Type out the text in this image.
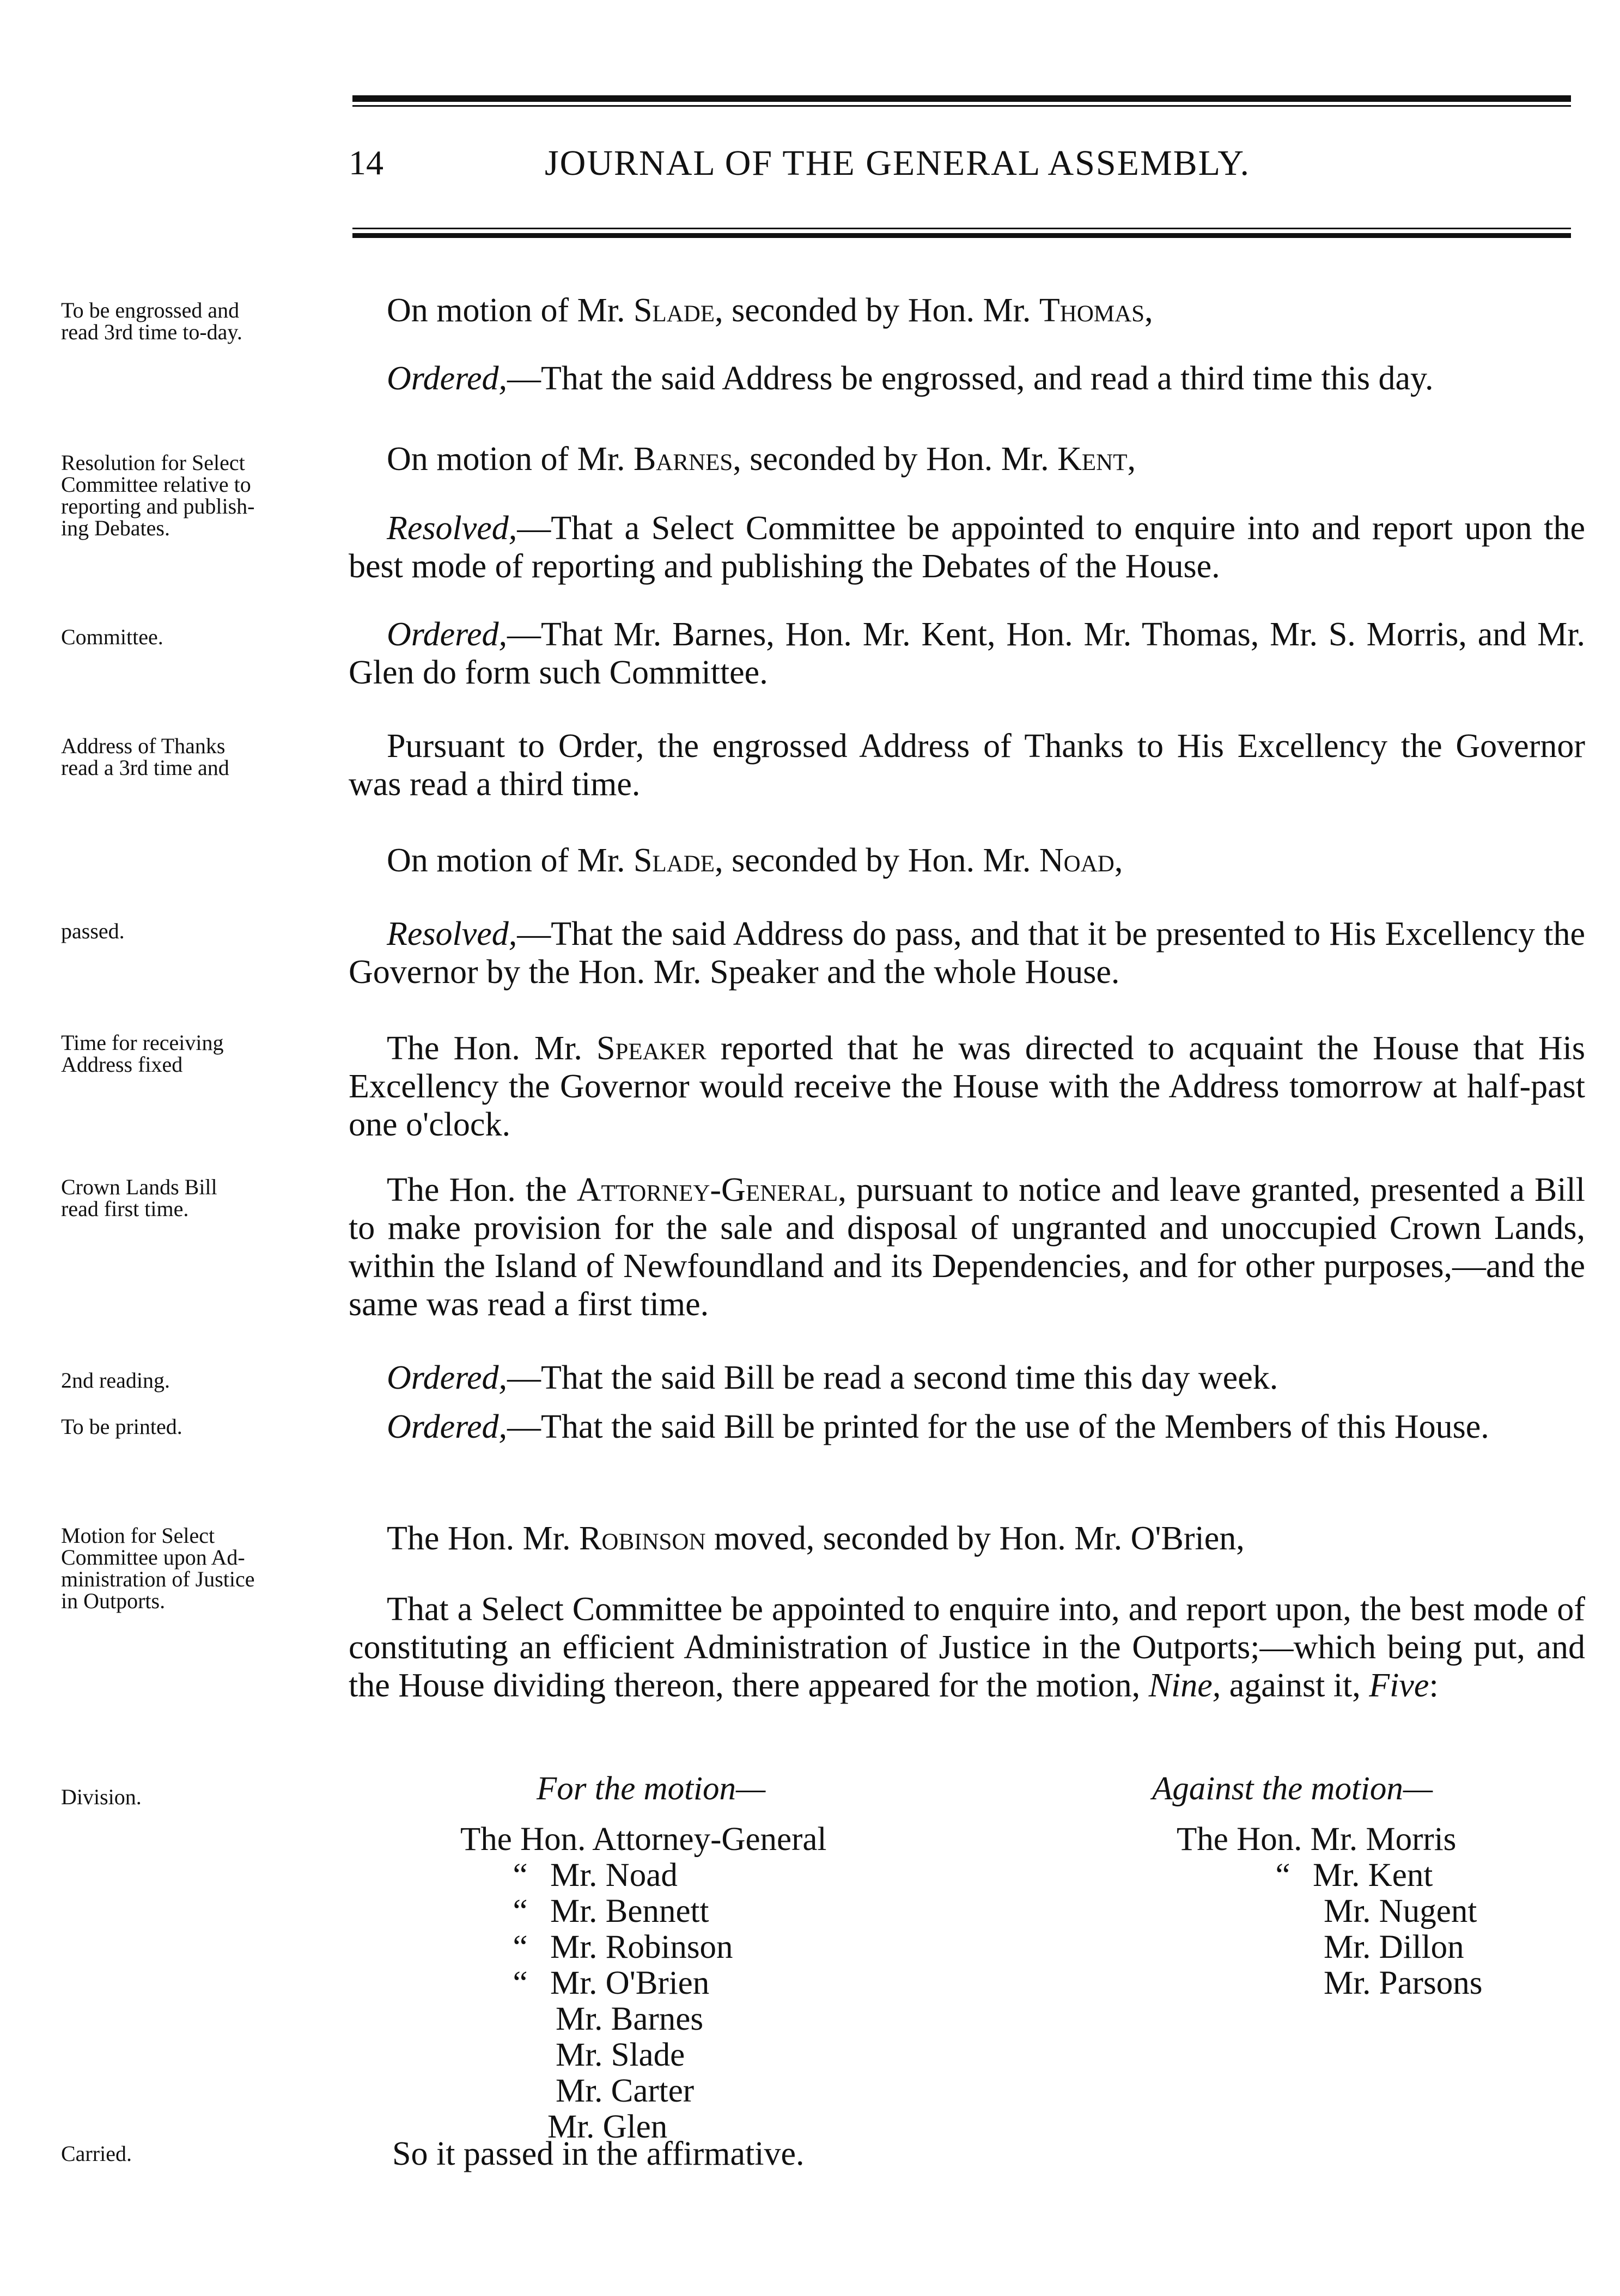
14	JOURNAL OF THE GENERAL ASSEMBLY.
To be engrossed and
read 3rd time to-day.
Resolution for Select
Committee relative to
reporting and publish-
ing Debates.
Committee.
Address of Thanks
read a 3rd time and
passed.
Time for receiving
Address fixed
Crown Lands Bill
read first time.
2nd reading.
To be printed.
Motion for Select
Committee upon Ad-
ministration of Justice
in Outports.
Division.
Carried.
On motion of Mr. Slade, seconded by Hon. Mr. Thomas,
Ordered,—That the said Address be engrossed, and read a third time this day.
On motion of Mr. Barnes, seconded by Hon. Mr. Kent,
Resolved,—That a Select Committee be appointed to enquire into and report upon the best mode of reporting and publishing the Debates of the House.
Ordered,—That Mr. Barnes, Hon. Mr. Kent, Hon. Mr. Thomas, Mr. S. Morris, and Mr. Glen do form such Committee.
Pursuant to Order, the engrossed Address of Thanks to His Excellency the Governor was read a third time.
On motion of Mr. Slade, seconded by Hon. Mr. Noad,
Resolved,—That the said Address do pass, and that it be presented to His Excellency the Governor by the Hon. Mr. Speaker and the whole House.
The Hon. Mr. Speaker reported that he was directed to acquaint the House that His Excellency the Governor would receive the House with the Address tomorrow at half-past one o'clock.
The Hon. the Attorney-General, pursuant to notice and leave granted, presented a Bill to make provision for the sale and disposal of ungranted and unoccupied Crown Lands, within the Island of Newfoundland and its Dependencies, and for other purposes,—and the same was read a first time.
Ordered,—That the said Bill be read a second time this day week.
Ordered,—That the said Bill be printed for the use of the Members of this House.
The Hon. Mr. Robinson moved, seconded by Hon. Mr. O'Brien,
That a Select Committee be appointed to enquire into, and report upon, the best mode of constituting an efficient Administration of Justice in the Outports;—which being put, and the House dividing thereon, there appeared for the motion, Nine, against it, Five:
For the motion—	Against the motion—
The Hon. Attorney-General
“ Mr. Noad
“ Mr. Bennett
“ Mr. Robinson
“ Mr. O'Brien
Mr. Barnes
Mr. Slade
Mr. Carter
Mr. Glen
The Hon. Mr. Morris
“ Mr. Kent
Mr. Nugent
Mr. Dillon
Mr. Parsons
So it passed in the affirmative.
